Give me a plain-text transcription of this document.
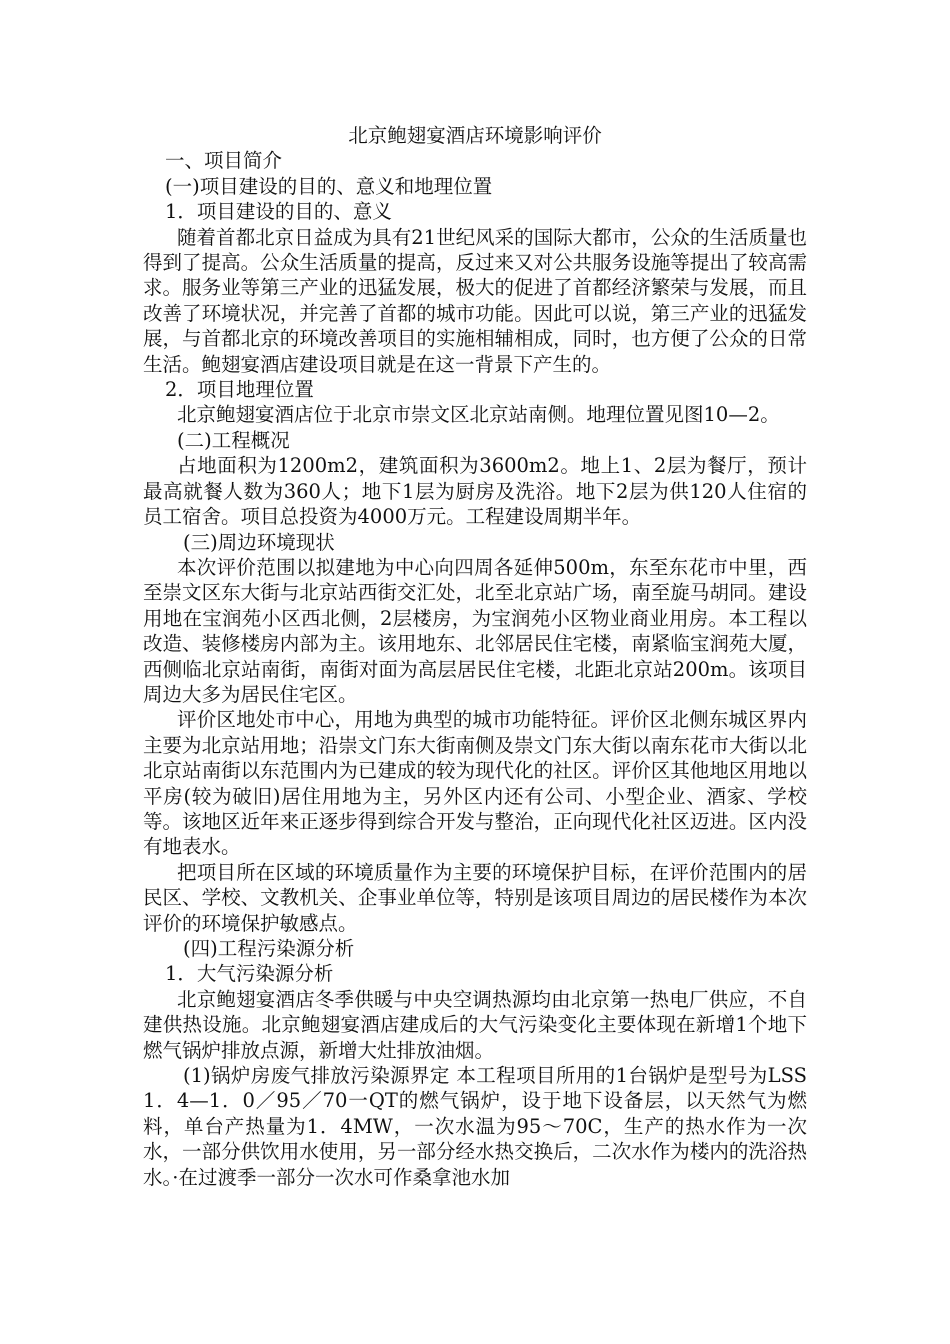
北京鲍翅宴酒店环境影响评价

一、项目简介

(一)项目建设的目的、意义和地理位置

1．项目建设的目的、意义

随着首都北京日益成为具有21世纪风采的国际大都市，公众的生活质量也得到了提高。公众生活质量的提高，反过来又对公共服务设施等提出了较高需求。服务业等第三产业的迅猛发展，极大的促进了首都经济繁荣与发展，而且改善了环境状况，并完善了首都的城市功能。因此可以说，第三产业的迅猛发展，与首都北京的环境改善项目的实施相辅相成，同时，也方便了公众的日常生活。鲍翅宴酒店建设项目就是在这一背景下产生的。

2．项目地理位置

北京鲍翅宴酒店位于北京市崇文区北京站南侧。地理位置见图10—2。

(二)工程概况

占地面积为1200m2，建筑面积为3600m2。地上1、2层为餐厅，预计最高就餐人数为360人；地下1层为厨房及洗浴。地下2层为供120人住宿的员工宿舍。项目总投资为4000万元。工程建设周期半年。

(三)周边环境现状

本次评价范围以拟建地为中心向四周各延伸500m，东至东花市中里，西至崇文区东大街与北京站西街交汇处，北至北京站广场，南至旋马胡同。建设用地在宝润苑小区西北侧，2层楼房，为宝润苑小区物业商业用房。本工程以改造、装修楼房内部为主。该用地东、北邻居民住宅楼，南紧临宝润苑大厦，西侧临北京站南街，南街对面为高层居民住宅楼，北距北京站200m。该项目周边大多为居民住宅区。

评价区地处市中心，用地为典型的城市功能特征。评价区北侧东城区界内主要为北京站用地；沿崇文门东大街南侧及崇文门东大街以南东花市大街以北北京站南街以东范围内为已建成的较为现代化的社区。评价区其他地区用地以平房(较为破旧)居住用地为主，另外区内还有公司、小型企业、酒家、学校等。该地区近年来正逐步得到综合开发与整治，正向现代化社区迈进。区内没有地表水。

把项目所在区域的环境质量作为主要的环境保护目标，在评价范围内的居民区、学校、文教机关、企事业单位等，特别是该项目周边的居民楼作为本次评价的环境保护敏感点。

(四)工程污染源分析

1．大气污染源分析

北京鲍翅宴酒店冬季供暖与中央空调热源均由北京第一热电厂供应，不自建供热设施。北京鲍翅宴酒店建成后的大气污染变化主要体现在新增1个地下燃气锅炉排放点源，新增大灶排放油烟。

(1)锅炉房废气排放污染源界定 本工程项目所用的1台锅炉是型号为LSS 1．4—1．0／95／70一QT的燃气锅炉，设于地下设备层，以天然气为燃料，单台产热量为1．4MW，一次水温为95～70C，生产的热水作为一次水，一部分供饮用水使用，另一部分经水热交换后，二次水作为楼内的洗浴热水。·在过渡季一部分一次水可作桑拿池水加
